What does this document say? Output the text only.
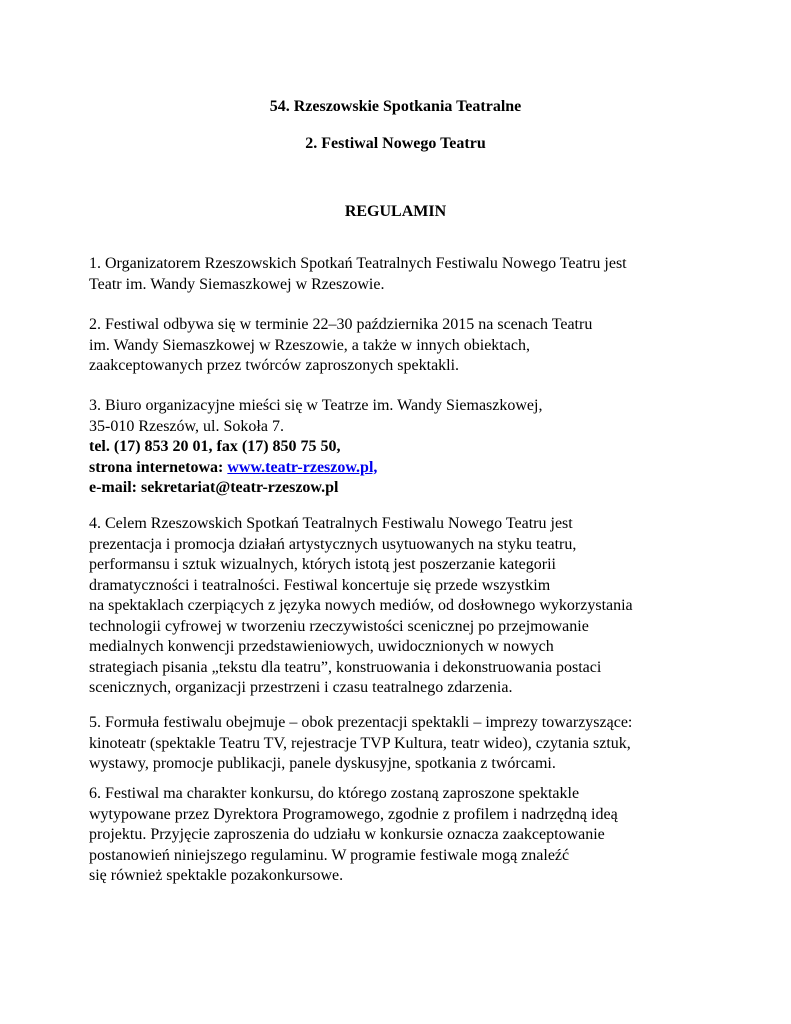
54. Rzeszowskie Spotkania Teatralne
2. Festiwal Nowego Teatru
REGULAMIN
1. Organizatorem Rzeszowskich Spotkań Teatralnych Festiwalu Nowego Teatru jest
Teatr im. Wandy Siemaszkowej w Rzeszowie.
2. Festiwal odbywa się w terminie 22–30 października 2015 na scenach Teatru
im. Wandy Siemaszkowej w Rzeszowie, a także w innych obiektach,
zaakceptowanych przez twórców zaproszonych spektakli.
3. Biuro organizacyjne mieści się w Teatrze im. Wandy Siemaszkowej,
35-010 Rzeszów, ul. Sokoła 7.
tel. (17) 853 20 01, fax (17) 850 75 50,
strona internetowa: www.teatr-rzeszow.pl,
e-mail: sekretariat@teatr-rzeszow.pl
4. Celem Rzeszowskich Spotkań Teatralnych Festiwalu Nowego Teatru jest
prezentacja i promocja działań artystycznych usytuowanych na styku teatru,
performansu i sztuk wizualnych, których istotą jest poszerzanie kategorii
dramatyczności i teatralności. Festiwal koncertuje się przede wszystkim
na spektaklach czerpiących z języka nowych mediów, od dosłownego wykorzystania
technologii cyfrowej w tworzeniu rzeczywistości scenicznej po przejmowanie
medialnych konwencji przedstawieniowych, uwidocznionych w nowych
strategiach pisania „tekstu dla teatru”, konstruowania i dekonstruowania postaci
scenicznych, organizacji przestrzeni i czasu teatralnego zdarzenia.
5. Formuła festiwalu obejmuje – obok prezentacji spektakli – imprezy towarzyszące:
kinoteatr (spektakle Teatru TV, rejestracje TVP Kultura, teatr wideo), czytania sztuk,
wystawy, promocje publikacji, panele dyskusyjne, spotkania z twórcami.
6. Festiwal ma charakter konkursu, do którego zostaną zaproszone spektakle
wytypowane przez Dyrektora Programowego, zgodnie z profilem i nadrzędną ideą
projektu. Przyjęcie zaproszenia do udziału w konkursie oznacza zaakceptowanie
postanowień niniejszego regulaminu. W programie festiwale mogą znaleźć
się również spektakle pozakonkursowe.
